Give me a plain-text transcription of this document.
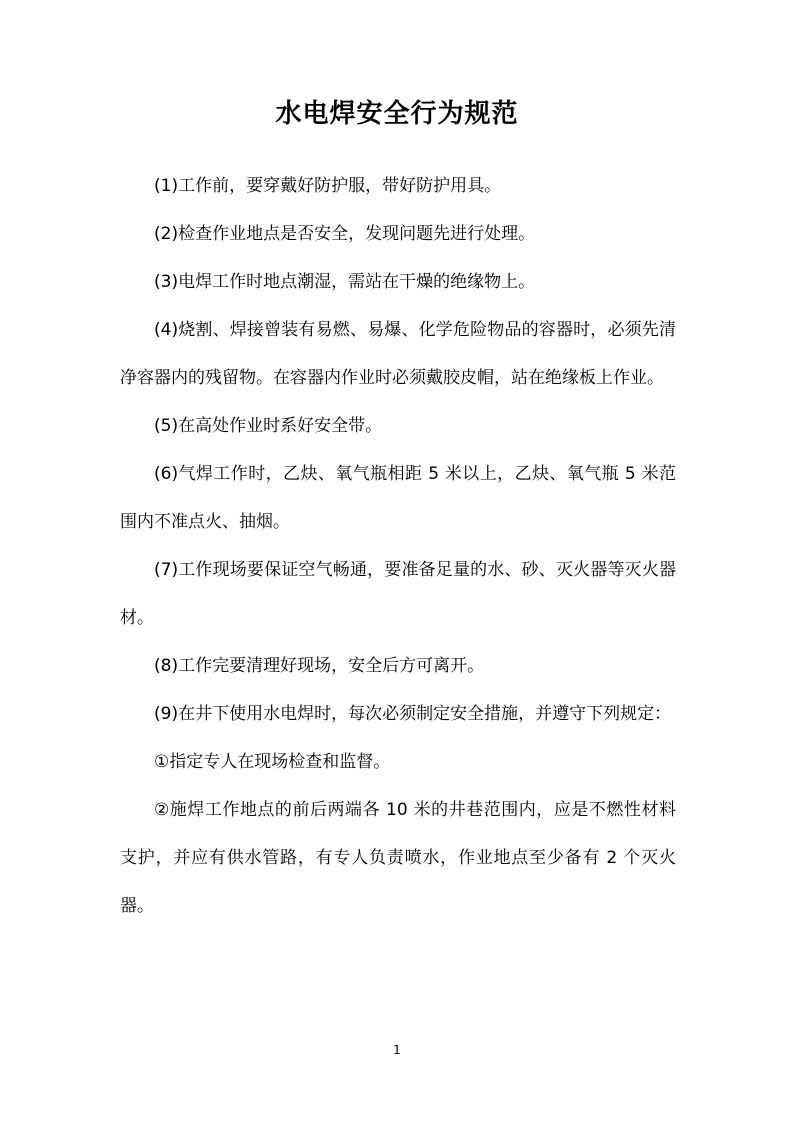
水电焊安全行为规范

(1)工作前，要穿戴好防护服，带好防护用具。

(2)检查作业地点是否安全，发现问题先进行处理。

(3)电焊工作时地点潮湿，需站在干燥的绝缘物上。

(4)烧割、焊接曾装有易燃、易爆、化学危险物品的容器时，必须先清净容器内的残留物。在容器内作业时必须戴胶皮帽，站在绝缘板上作业。

(5)在高处作业时系好安全带。

(6)气焊工作时，乙炔、氧气瓶相距 5 米以上，乙炔、氧气瓶 5 米范围内不准点火、抽烟。

(7)工作现场要保证空气畅通，要准备足量的水、砂、灭火器等灭火器材。

(8)工作完要清理好现场，安全后方可离开。

(9)在井下使用水电焊时，每次必须制定安全措施，并遵守下列规定：

①指定专人在现场检查和监督。

②施焊工作地点的前后两端各 10 米的井巷范围内，应是不燃性材料支护，并应有供水管路，有专人负责喷水，作业地点至少备有 2 个灭火器。

1
